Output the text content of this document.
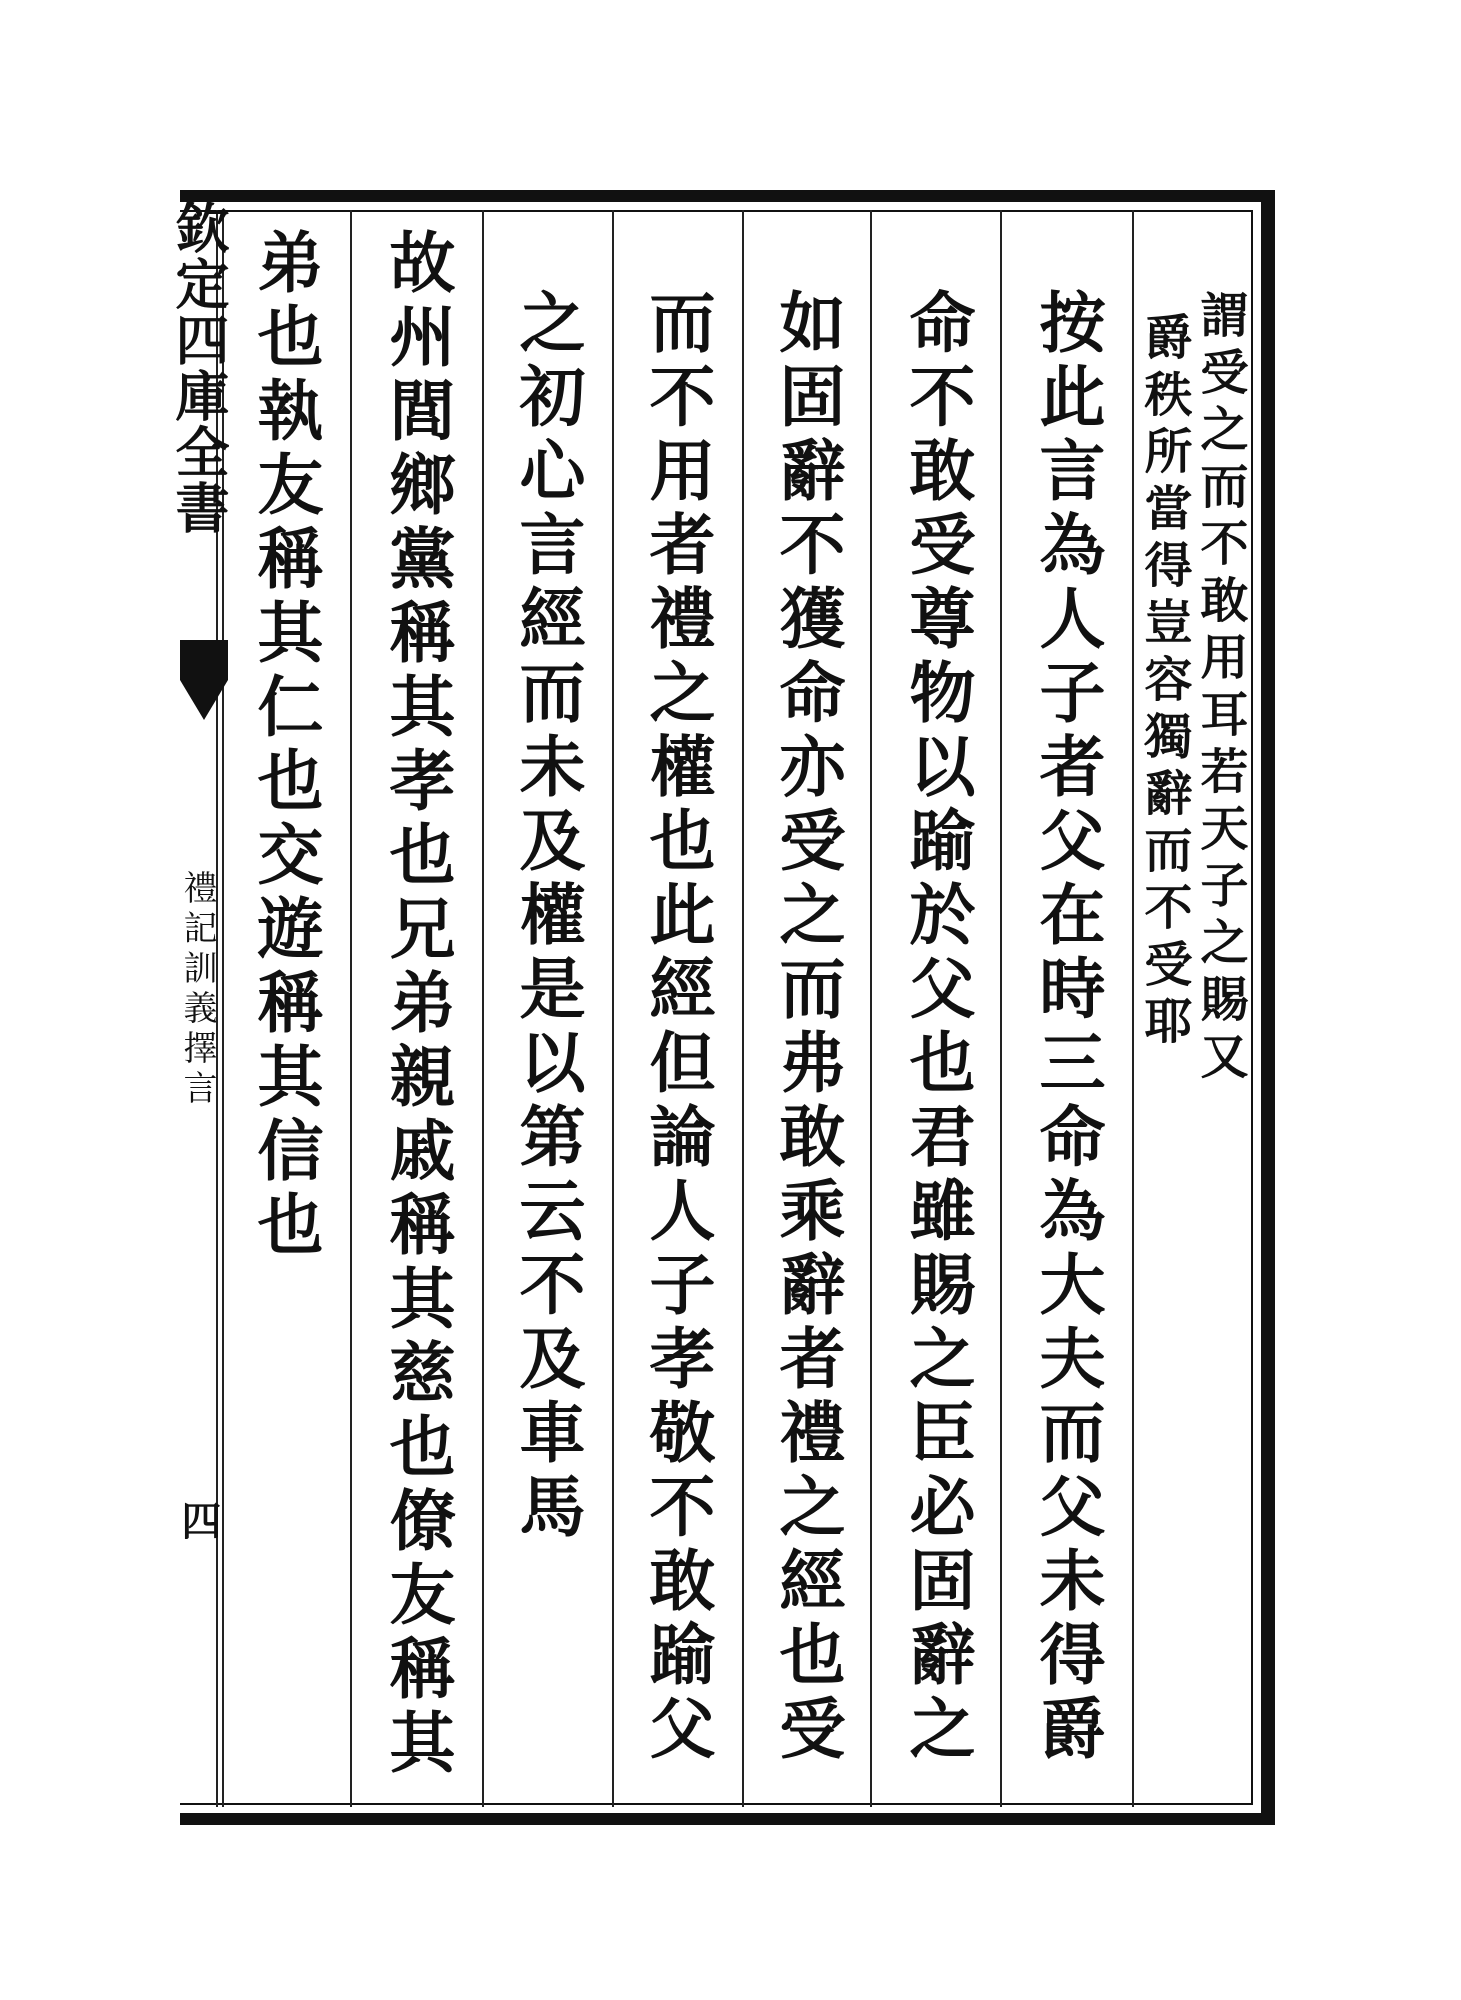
謂受之而不敢用耳若天子之賜又
爵秩所當得豈容獨辭而不受耶
按此言為人子者父在時三命為大夫而父未得爵
命不敢受尊物以踰於父也君雖賜之臣必固辭之
如固辭不獲命亦受之而弗敢乘辭者禮之經也受
而不用者禮之權也此經但論人子孝敬不敢踰父
之初心言經而未及權是以第云不及車馬
故州閭鄉黨稱其孝也兄弟親戚稱其慈也僚友稱其
弟也執友稱其仁也交遊稱其信也
欽定四庫全書
禮記訓義擇言
四
